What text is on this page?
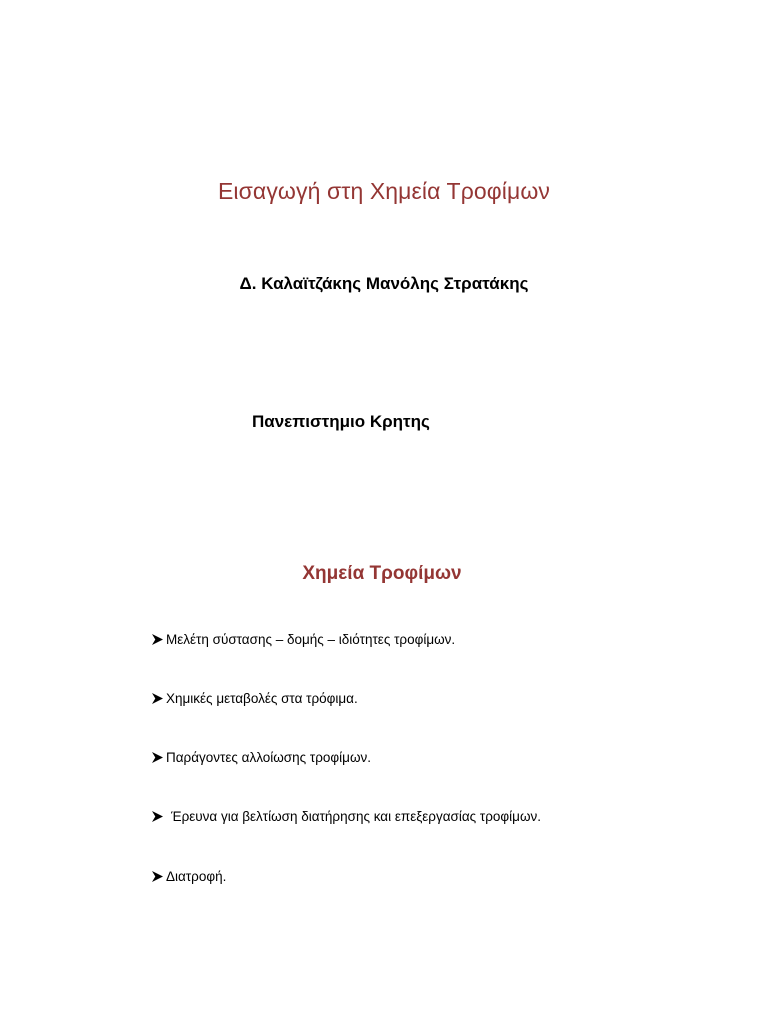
Εισαγωγή στη Χημεία Τροφίμων
Δ. Καλαϊτζάκης Μανόλης Στρατάκης
Πανεπιστημιο Κρητης
Χημεία Τροφίμων
Μελέτη σύστασης – δομής – ιδιότητες τροφίμων.
Χημικές μεταβολές στα τρόφιμα.
Παράγοντες αλλοίωσης τροφίμων.
Έρευνα για βελτίωση διατήρησης και επεξεργασίας τροφίμων.
Διατροφή.
